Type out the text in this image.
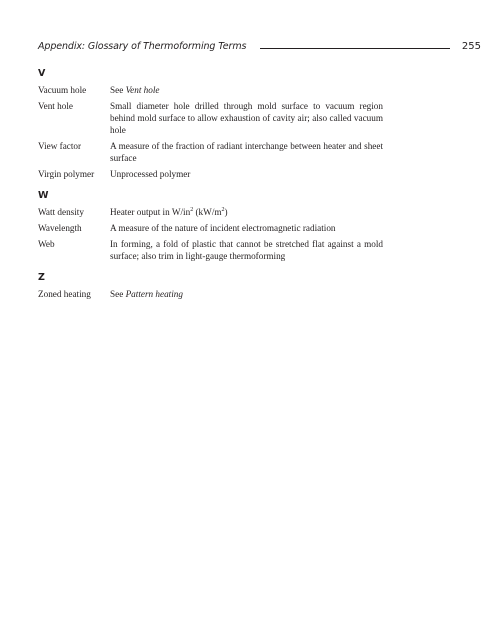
Appendix: Glossary of Thermoforming Terms	255
V
Vacuum hole	See Vent hole
Vent hole	Small diameter hole drilled through mold surface to vacuum region behind mold surface to allow exhaustion of cavity air; also called vacuum hole
View factor	A measure of the fraction of radiant interchange between heater and sheet surface
Virgin polymer	Unprocessed polymer
W
Watt density	Heater output in $W/in^2$ $(kW/m^2)$
Wavelength	A measure of the nature of incident electromagnetic radiation
Web	In forming, a fold of plastic that cannot be stretched flat against a mold surface; also trim in light-gauge thermoforming
Z
Zoned heating	See Pattern heating
